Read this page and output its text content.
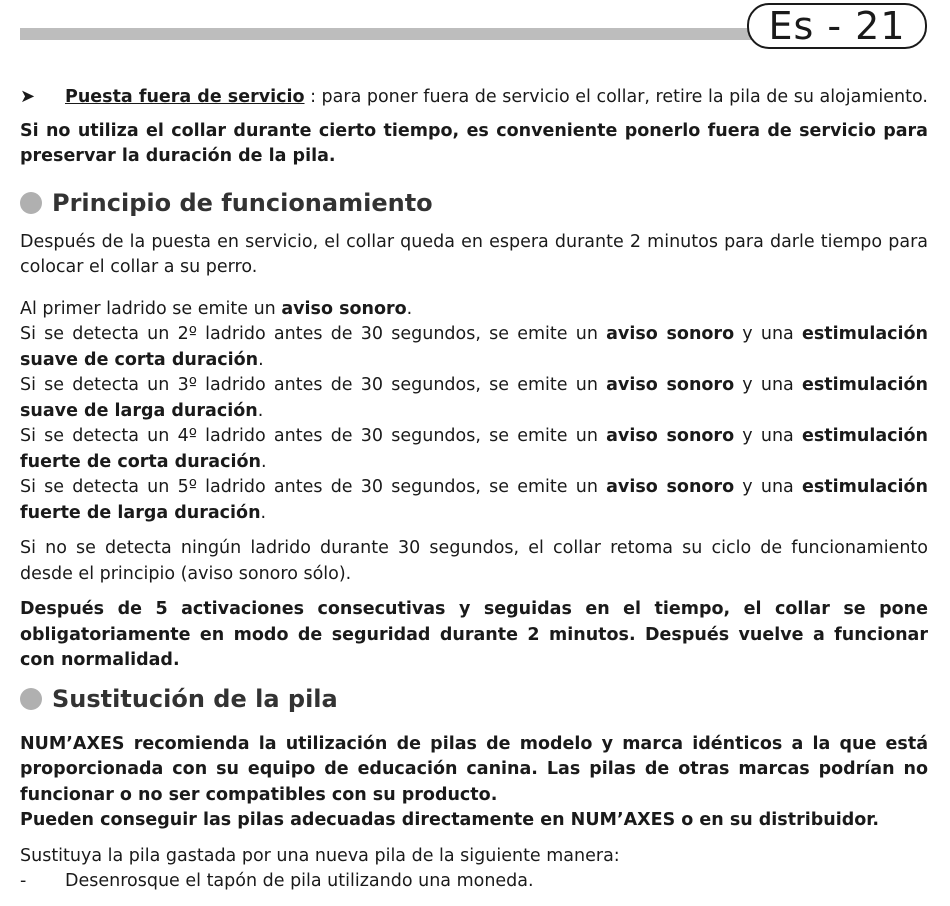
Es - 21
➤	Puesta fuera de servicio : para poner fuera de servicio el collar, retire la pila de su alojamiento.

Si no utiliza el collar durante cierto tiempo, es conveniente ponerlo fuera de servicio para preservar la duración de la pila.

Principio de funcionamiento

Después de la puesta en servicio, el collar queda en espera durante 2 minutos para darle tiempo para colocar el collar a su perro.

Al primer ladrido se emite un aviso sonoro.
Si se detecta un 2º ladrido antes de 30 segundos, se emite un aviso sonoro y una estimulación suave de corta duración.
Si se detecta un 3º ladrido antes de 30 segundos, se emite un aviso sonoro y una estimulación suave de larga duración.
Si se detecta un 4º ladrido antes de 30 segundos, se emite un aviso sonoro y una estimulación fuerte de corta duración.
Si se detecta un 5º ladrido antes de 30 segundos, se emite un aviso sonoro y una estimulación fuerte de larga duración.

Si no se detecta ningún ladrido durante 30 segundos, el collar retoma su ciclo de funcionamiento desde el principio (aviso sonoro sólo).

Después de 5 activaciones consecutivas y seguidas en el tiempo, el collar se pone obligatoriamente en modo de seguridad durante 2 minutos. Después vuelve a funcionar con normalidad.

Sustitución de la pila

NUM’AXES recomienda la utilización de pilas de modelo y marca idénticos a la que está proporcionada con su equipo de educación canina. Las pilas de otras marcas podrían no funcionar o no ser compatibles con su producto.

Pueden conseguir las pilas adecuadas directamente en NUM’AXES o en su distribuidor.

Sustituya la pila gastada por una nueva pila de la siguiente manera:

-	Desenrosque el tapón de pila utilizando una moneda.
